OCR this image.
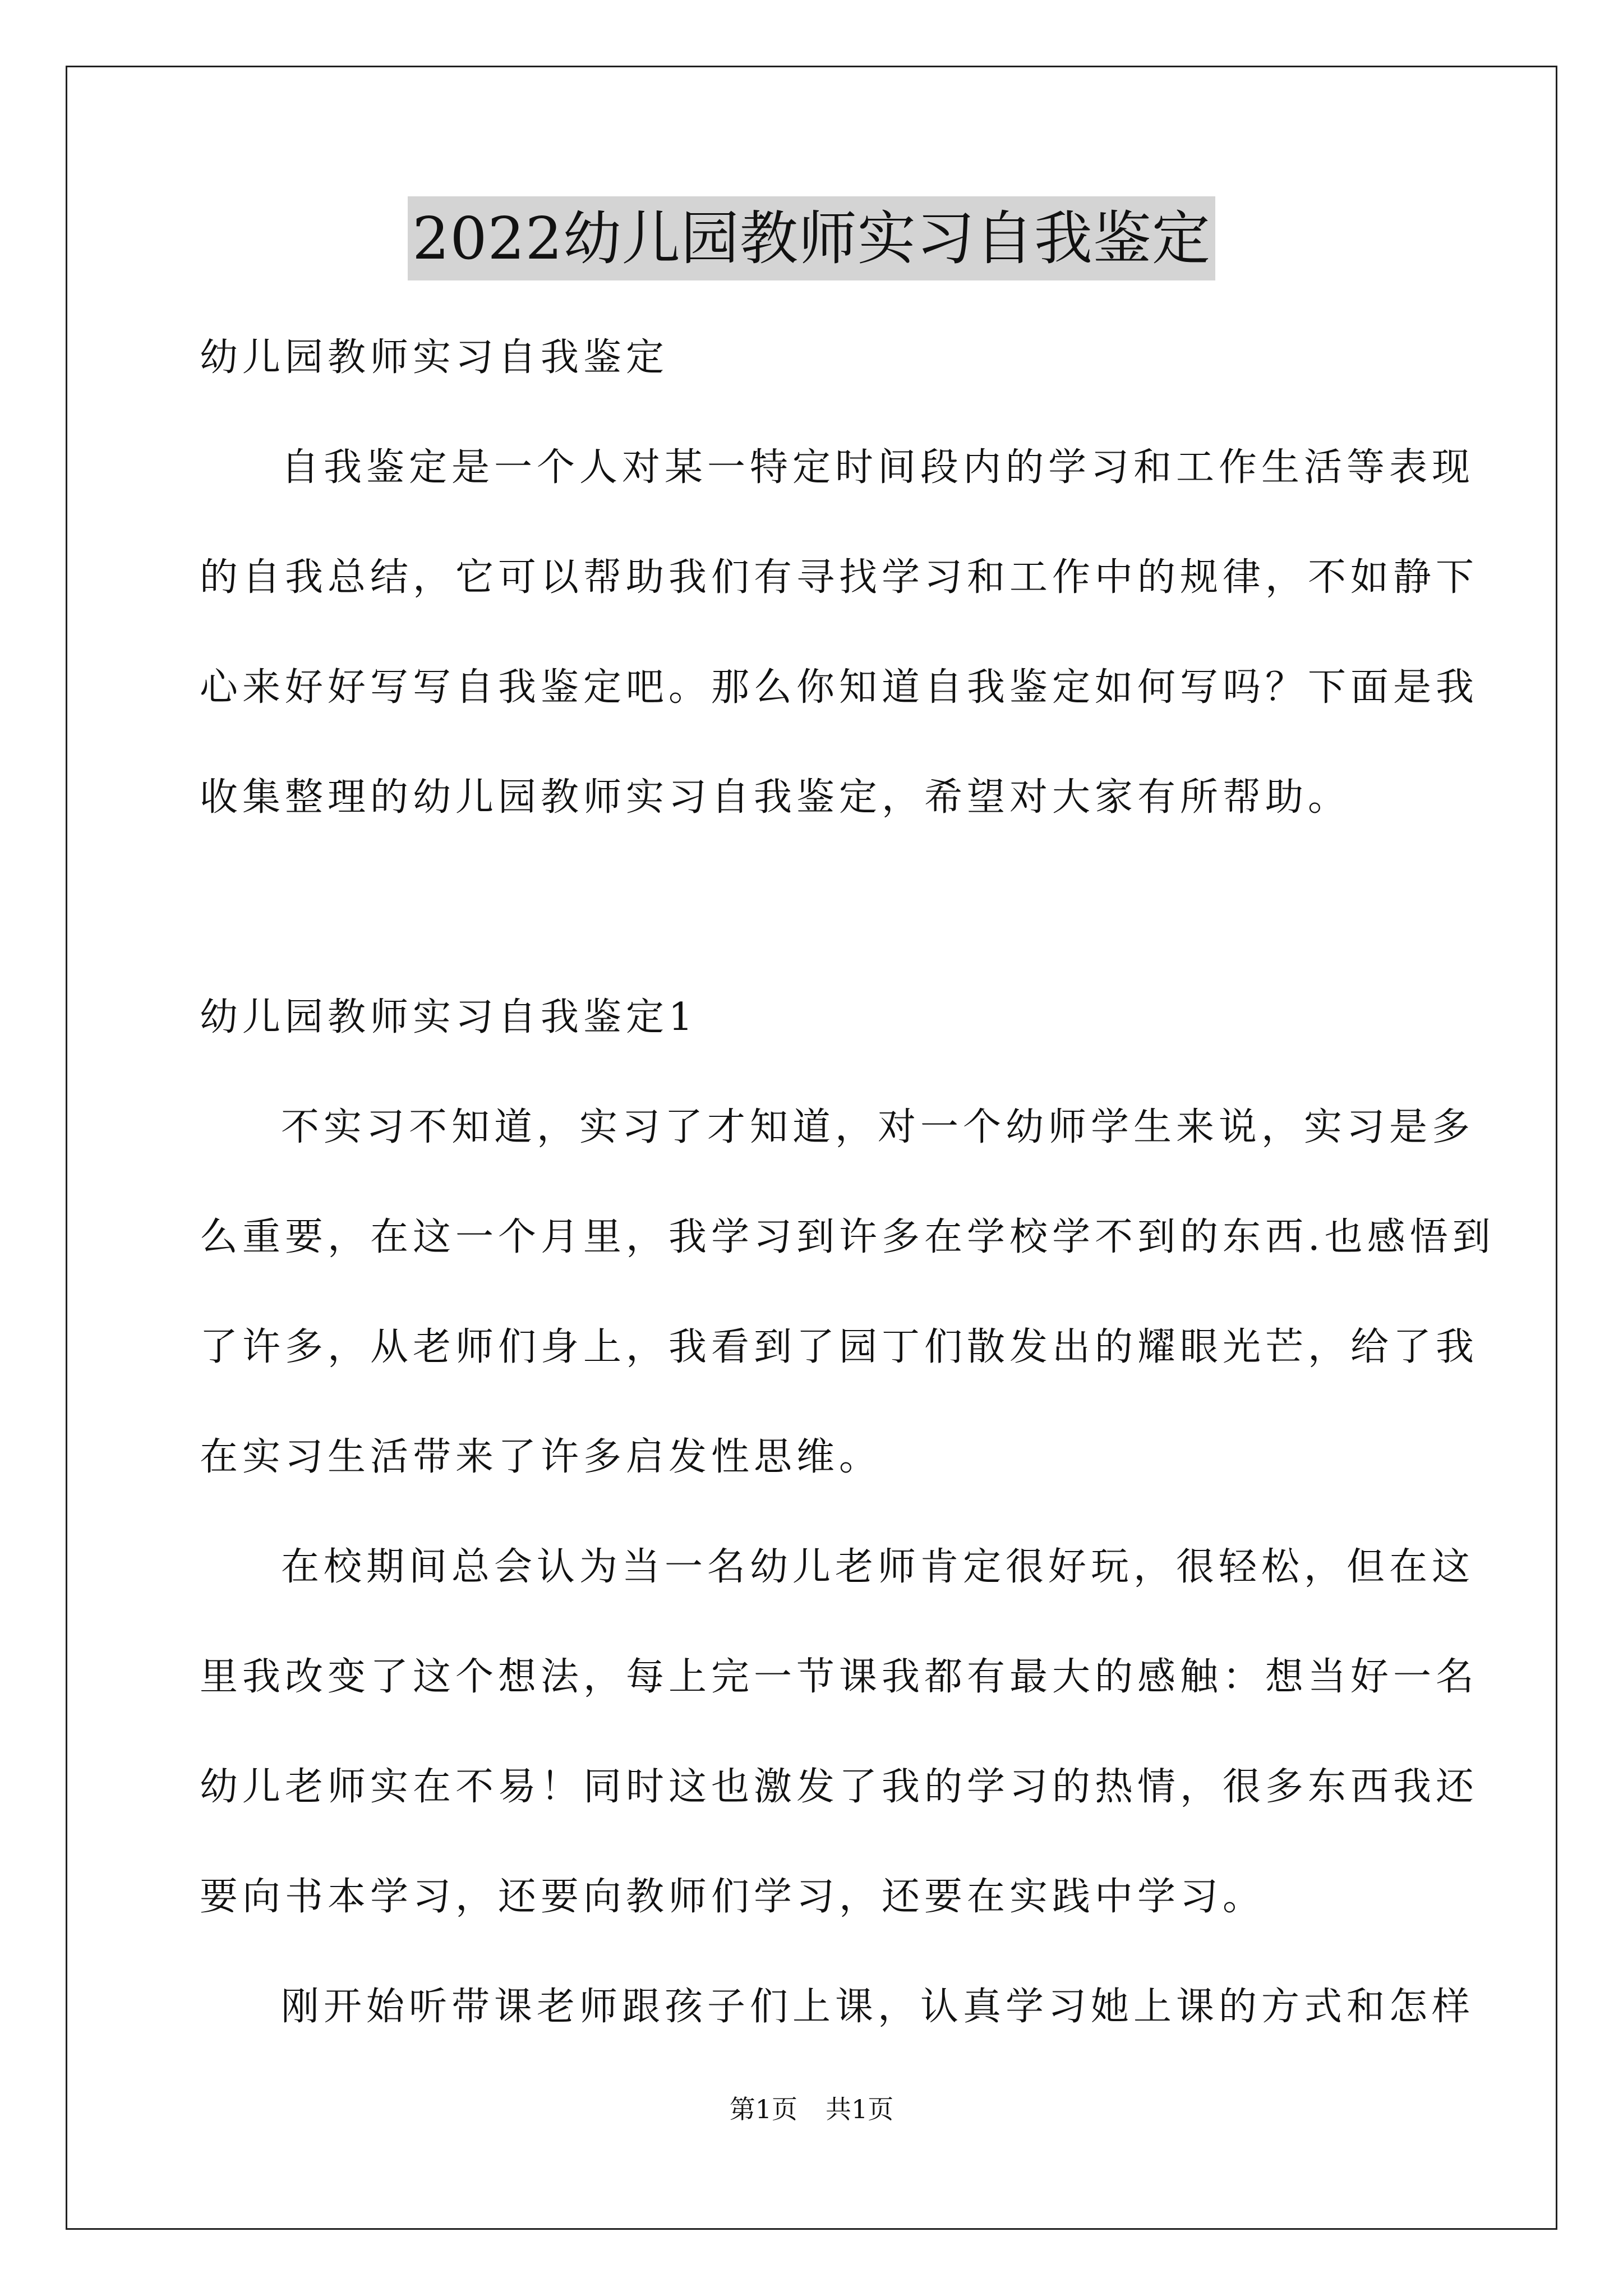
2022幼儿园教师实习自我鉴定
幼儿园教师实习自我鉴定
自我鉴定是一个人对某一特定时间段内的学习和工作生活等表现
的自我总结，它可以帮助我们有寻找学习和工作中的规律，不如静下
心来好好写写自我鉴定吧。那么你知道自我鉴定如何写吗？下面是我
收集整理的幼儿园教师实习自我鉴定，希望对大家有所帮助。
幼儿园教师实习自我鉴定1
不实习不知道，实习了才知道，对一个幼师学生来说，实习是多
么重要，在这一个月里，我学习到许多在学校学不到的东西.也感悟到
了许多，从老师们身上，我看到了园丁们散发出的耀眼光芒，给了我
在实习生活带来了许多启发性思维。
在校期间总会认为当一名幼儿老师肯定很好玩，很轻松，但在这
里我改变了这个想法，每上完一节课我都有最大的感触：想当好一名
幼儿老师实在不易！同时这也激发了我的学习的热情，很多东西我还
要向书本学习，还要向教师们学习，还要在实践中学习。
刚开始听带课老师跟孩子们上课，认真学习她上课的方式和怎样
第1页 共1页
